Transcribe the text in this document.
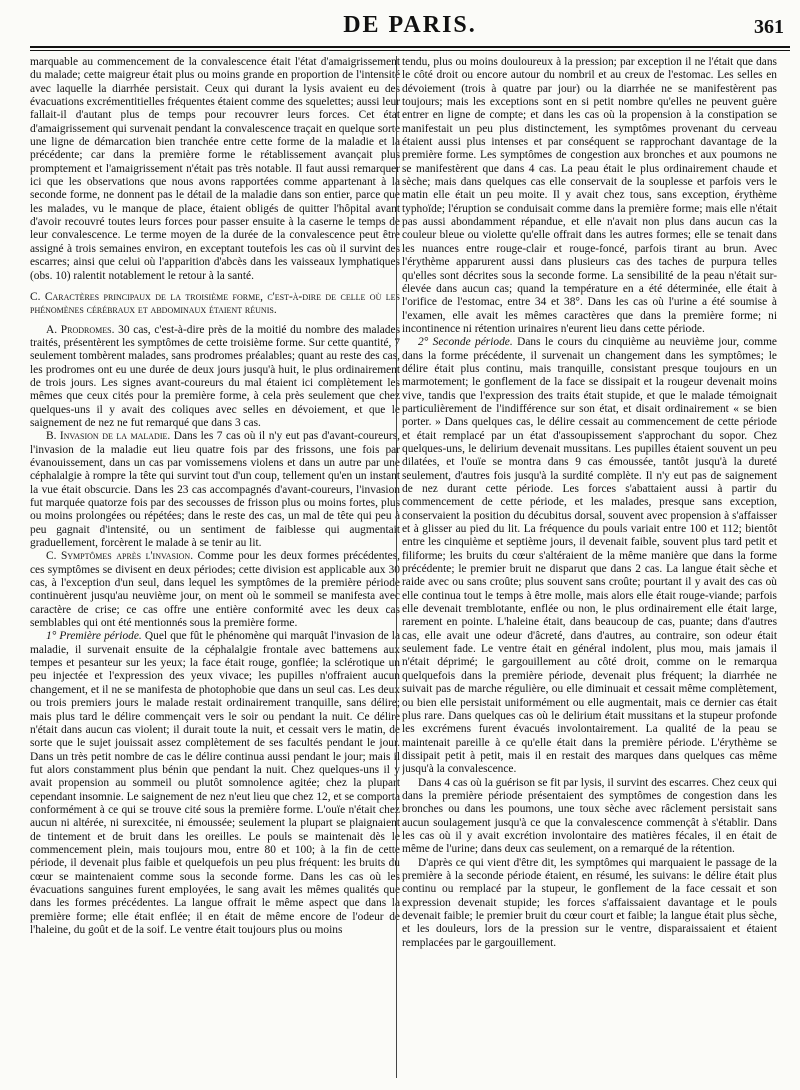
DE PARIS.	361

marquable au commencement de la convalescence était l'état d'amaigrissement du malade; cette maigreur était plus ou moins grande en proportion de l'intensité avec laquelle la diarrhée persistait. Ceux qui durant la lysis avaient eu des évacuations excrémentitielles fréquentes étaient comme des squelettes; aussi leur fallait-il d'autant plus de temps pour recouvrer leurs forces. Cet état d'amaigrissement qui survenait pendant la convalescence traçait en quelque sorte une ligne de démarcation bien tranchée entre cette forme de la maladie et la précédente; car dans la première forme le rétablissement avançait plus promptement et l'amaigrissement n'était pas très notable. Il faut aussi remarquer ici que les observations que nous avons rapportées comme appartenant à la seconde forme, ne donnent pas le détail de la maladie dans son entier, parce que les malades, vu le manque de place, étaient obligés de quitter l'hôpital avant d'avoir recouvré toutes leurs forces pour passer ensuite à la caserne le temps de leur convalescence. Le terme moyen de la durée de la convalescence peut être assigné à trois semaines environ, en exceptant toutefois les cas où il survint des escarres; ainsi que celui où l'apparition d'abcès dans les vaisseaux lymphatiques (obs. 10) ralentit notablement le retour à la santé.

C. Caractères principaux de la troisième forme, c'est-à-dire de celle où les phénomènes cérébraux et abdominaux étaient réunis.

A. Prodromes. 30 cas, c'est-à-dire près de la moitié du nombre des malades traités, présentèrent les symptômes de cette troisième forme. Sur cette quantité, 7 seulement tombèrent malades, sans prodromes préalables; quant au reste des cas, les prodromes ont eu une durée de deux jours jusqu'à huit, le plus ordinairement de trois jours. Les signes avant-coureurs du mal étaient ici complètement les mêmes que ceux cités pour la première forme, à cela près seulement que chez quelques-uns il y avait des coliques avec selles en dévoiement, et que le saignement de nez ne fut remarqué que dans 3 cas.

B. Invasion de la maladie. Dans les 7 cas où il n'y eut pas d'avant-coureurs, l'invasion de la maladie eut lieu quatre fois par des frissons, une fois par évanouissement, dans un cas par vomissemens violens et dans un autre par une céphalalgie à rompre la tête qui survint tout d'un coup, tellement qu'en un instant la vue était obscurcie. Dans les 23 cas accompagnés d'avant-coureurs, l'invasion fut marquée quatorze fois par des secousses de frisson plus ou moins fortes, plus ou moins prolongées ou répétées; dans le reste des cas, un mal de tête qui peu à peu gagnait d'intensité, ou un sentiment de faiblesse qui augmentait graduellement, forcèrent le malade à se tenir au lit.

C. Symptômes après l'invasion. Comme pour les deux formes précédentes, ces symptômes se divisent en deux périodes; cette division est applicable aux 30 cas, à l'exception d'un seul, dans lequel les symptômes de la première période continuèrent jusqu'au neuvième jour, on ment où le sommeil se manifesta avec caractère de crise; ce cas offre une entière conformité avec les deux cas semblables qui ont été mentionnés sous la première forme.

1° Première période. Quel que fût le phénomène qui marquât l'invasion de la maladie, il survenait ensuite de la céphalalgie frontale avec battemens aux tempes et pesanteur sur les yeux; la face était rouge, gonflée; la sclérotique un peu injectée et l'expression des yeux vivace; les pupilles n'offraient aucun changement, et il ne se manifesta de photophobie que dans un seul cas. Les deux ou trois premiers jours le malade restait ordinairement tranquille, sans délire; mais plus tard le délire commençait vers le soir ou pendant la nuit. Ce délire n'était dans aucun cas violent; il durait toute la nuit, et cessait vers le matin, de sorte que le sujet jouissait assez complètement de ses facultés pendant le jour. Dans un très petit nombre de cas le délire continua aussi pendant le jour; mais il fut alors constamment plus bénin que pendant la nuit. Chez quelques-uns il y avait propension au sommeil ou plutôt somnolence agitée; chez la plupart cependant insomnie. Le saignement de nez n'eut lieu que chez 12, et se comporta conformément à ce qui se trouve cité sous la première forme. L'ouïe n'était chez aucun ni altérée, ni surexcitée, ni émoussée; seulement la plupart se plaignaient de tintement et de bruit dans les oreilles. Le pouls se maintenait dès le commencement plein, mais toujours mou, entre 80 et 100; à la fin de cette période, il devenait plus faible et quelquefois un peu plus fréquent: les bruits du cœur se maintenaient comme sous la seconde forme. Dans les cas où les évacuations sanguines furent employées, le sang avait les mêmes qualités que dans les formes précédentes. La langue offrait le même aspect que dans la première forme; elle était enflée; il en était de même encore de l'odeur de l'haleine, du goût et de la soif. Le ventre était toujours plus ou moins

tendu, plus ou moins douloureux à la pression; par exception il ne l'était que dans le côté droit ou encore autour du nombril et au creux de l'estomac. Les selles en dévoiement (trois à quatre par jour) ou la diarrhée ne se manifestèrent pas toujours; mais les exceptions sont en si petit nombre qu'elles ne peuvent guère entrer en ligne de compte; et dans les cas où la propension à la constipation se manifestait un peu plus distinctement, les symptômes provenant du cerveau étaient aussi plus intenses et par conséquent se rapprochant davantage de la première forme. Les symptômes de congestion aux bronches et aux poumons ne se manifestèrent que dans 4 cas. La peau était le plus ordinairement chaude et sèche; mais dans quelques cas elle conservait de la souplesse et parfois vers le matin elle était un peu moite. Il y avait chez tous, sans exception, érythème typhoïde; l'éruption se conduisait comme dans la première forme; mais elle n'était pas aussi abondamment répandue, et elle n'avait non plus dans aucun cas la couleur bleue ou violette qu'elle offrait dans les autres formes; elle se tenait dans les nuances entre rouge-clair et rouge-foncé, parfois tirant au brun. Avec l'érythème apparurent aussi dans plusieurs cas des taches de purpura telles qu'elles sont décrites sous la seconde forme. La sensibilité de la peau n'était sur-élevée dans aucun cas; quand la température en a été déterminée, elle était à l'orifice de l'estomac, entre 34 et 38°. Dans les cas où l'urine a été soumise à l'examen, elle avait les mêmes caractères que dans la première forme; ni incontinence ni rétention urinaires n'eurent lieu dans cette période.

2° Seconde période. Dans le cours du cinquième au neuvième jour, comme dans la forme précédente, il survenait un changement dans les symptômes; le délire était plus continu, mais tranquille, consistant presque toujours en un marmotement; le gonflement de la face se dissipait et la rougeur devenait moins vive, tandis que l'expression des traits était stupide, et que le malade témoignait particulièrement de l'indifférence sur son état, et disait ordinairement « se bien porter. » Dans quelques cas, le délire cessait au commencement de cette période et était remplacé par un état d'assoupissement s'approchant du sopor. Chez quelques-uns, le delirium devenait mussitans. Les pupilles étaient souvent un peu dilatées, et l'ouïe se montra dans 9 cas émoussée, tantôt jusqu'à la dureté seulement, d'autres fois jusqu'à la surdité complète. Il n'y eut pas de saignement de nez durant cette période. Les forces s'abattaient aussi à partir du commencement de cette période, et les malades, presque sans exception, conservaient la position du décubitus dorsal, souvent avec propension à s'affaisser et à glisser au pied du lit. La fréquence du pouls variait entre 100 et 112; bientôt entre les cinquième et septième jours, il devenait faible, souvent plus tard petit et filiforme; les bruits du cœur s'altéraient de la même manière que dans la forme précédente; le premier bruit ne disparut que dans 2 cas. La langue était sèche et raide avec ou sans croûte; plus souvent sans croûte; pourtant il y avait des cas où elle continua tout le temps à être molle, mais alors elle était rouge-viande; parfois elle devenait tremblotante, enflée ou non, le plus ordinairement elle était large, rarement en pointe. L'haleine était, dans beaucoup de cas, puante; dans d'autres cas, elle avait une odeur d'âcreté, dans d'autres, au contraire, son odeur était seulement fade. Le ventre était en général indolent, plus mou, mais jamais il n'était déprimé; le gargouillement au côté droit, comme on le remarqua quelquefois dans la première période, devenait plus fréquent; la diarrhée ne suivait pas de marche régulière, ou elle diminuait et cessait même complètement, ou bien elle persistait uniformément ou elle augmentait, mais ce dernier cas était plus rare. Dans quelques cas où le delirium était mussitans et la stupeur profonde les excrémens furent évacués involontairement. La qualité de la peau se maintenait pareille à ce qu'elle était dans la première période. L'érythème se dissipait petit à petit, mais il en restait des marques dans quelques cas même jusqu'à la convalescence.

Dans 4 cas où la guérison se fit par lysis, il survint des escarres. Chez ceux qui dans la première période présentaient des symptômes de congestion dans les bronches ou dans les poumons, une toux sèche avec râclement persistait sans aucun soulagement jusqu'à ce que la convalescence commençât à s'établir. Dans les cas où il y avait excrétion involontaire des matières fécales, il en était de même de l'urine; dans deux cas seulement, on a remarqué de la rétention.

D'après ce qui vient d'être dit, les symptômes qui marquaient le passage de la première à la seconde période étaient, en résumé, les suivans: le délire était plus continu ou remplacé par la stupeur, le gonflement de la face cessait et son expression devenait stupide; les forces s'affaissaient davantage et le pouls devenait faible; le premier bruit du cœur court et faible; la langue était plus sèche, et les douleurs, lors de la pression sur le ventre, disparaissaient et étaient remplacées par le gargouillement.
